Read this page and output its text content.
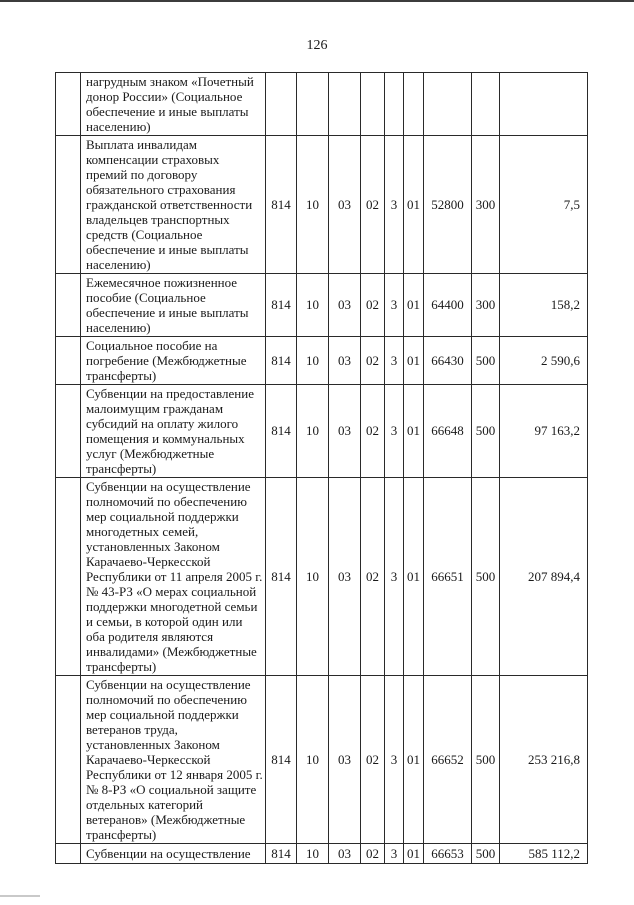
126
	нагрудным знаком «Почетный донор России» (Социальное обеспечение и иные выплаты населению)									
	Выплата инвалидам компенсации страховых премий по договору обязательного страхования гражданской ответственности владельцев транспортных средств (Социальное обеспечение и иные выплаты населению)	814	10	03	02	3	01	52800	300	7,5
	Ежемесячное пожизненное пособие (Социальное обеспечение и иные выплаты населению)	814	10	03	02	3	01	64400	300	158,2
	Социальное пособие на погребение (Межбюджетные трансферты)	814	10	03	02	3	01	66430	500	2 590,6
	Субвенции на предоставление малоимущим гражданам субсидий на оплату жилого помещения и коммунальных услуг (Межбюджетные трансферты)	814	10	03	02	3	01	66648	500	97 163,2
	Субвенции на осуществление полномочий по обеспечению мер социальной поддержки многодетных семей, установленных Законом Карачаево-Черкесской Республики от 11 апреля 2005 г. № 43-РЗ «О мерах социальной поддержки многодетной семьи и семьи, в которой один или оба родителя являются инвалидами» (Межбюджетные трансферты)	814	10	03	02	3	01	66651	500	207 894,4
	Субвенции на осуществление полномочий по обеспечению мер социальной поддержки ветеранов труда, установленных Законом Карачаево-Черкесской Республики от 12 января 2005 г. № 8-РЗ «О социальной защите отдельных категорий ветеранов» (Межбюджетные трансферты)	814	10	03	02	3	01	66652	500	253 216,8
	Субвенции на осуществление	814	10	03	02	3	01	66653	500	585 112,2
